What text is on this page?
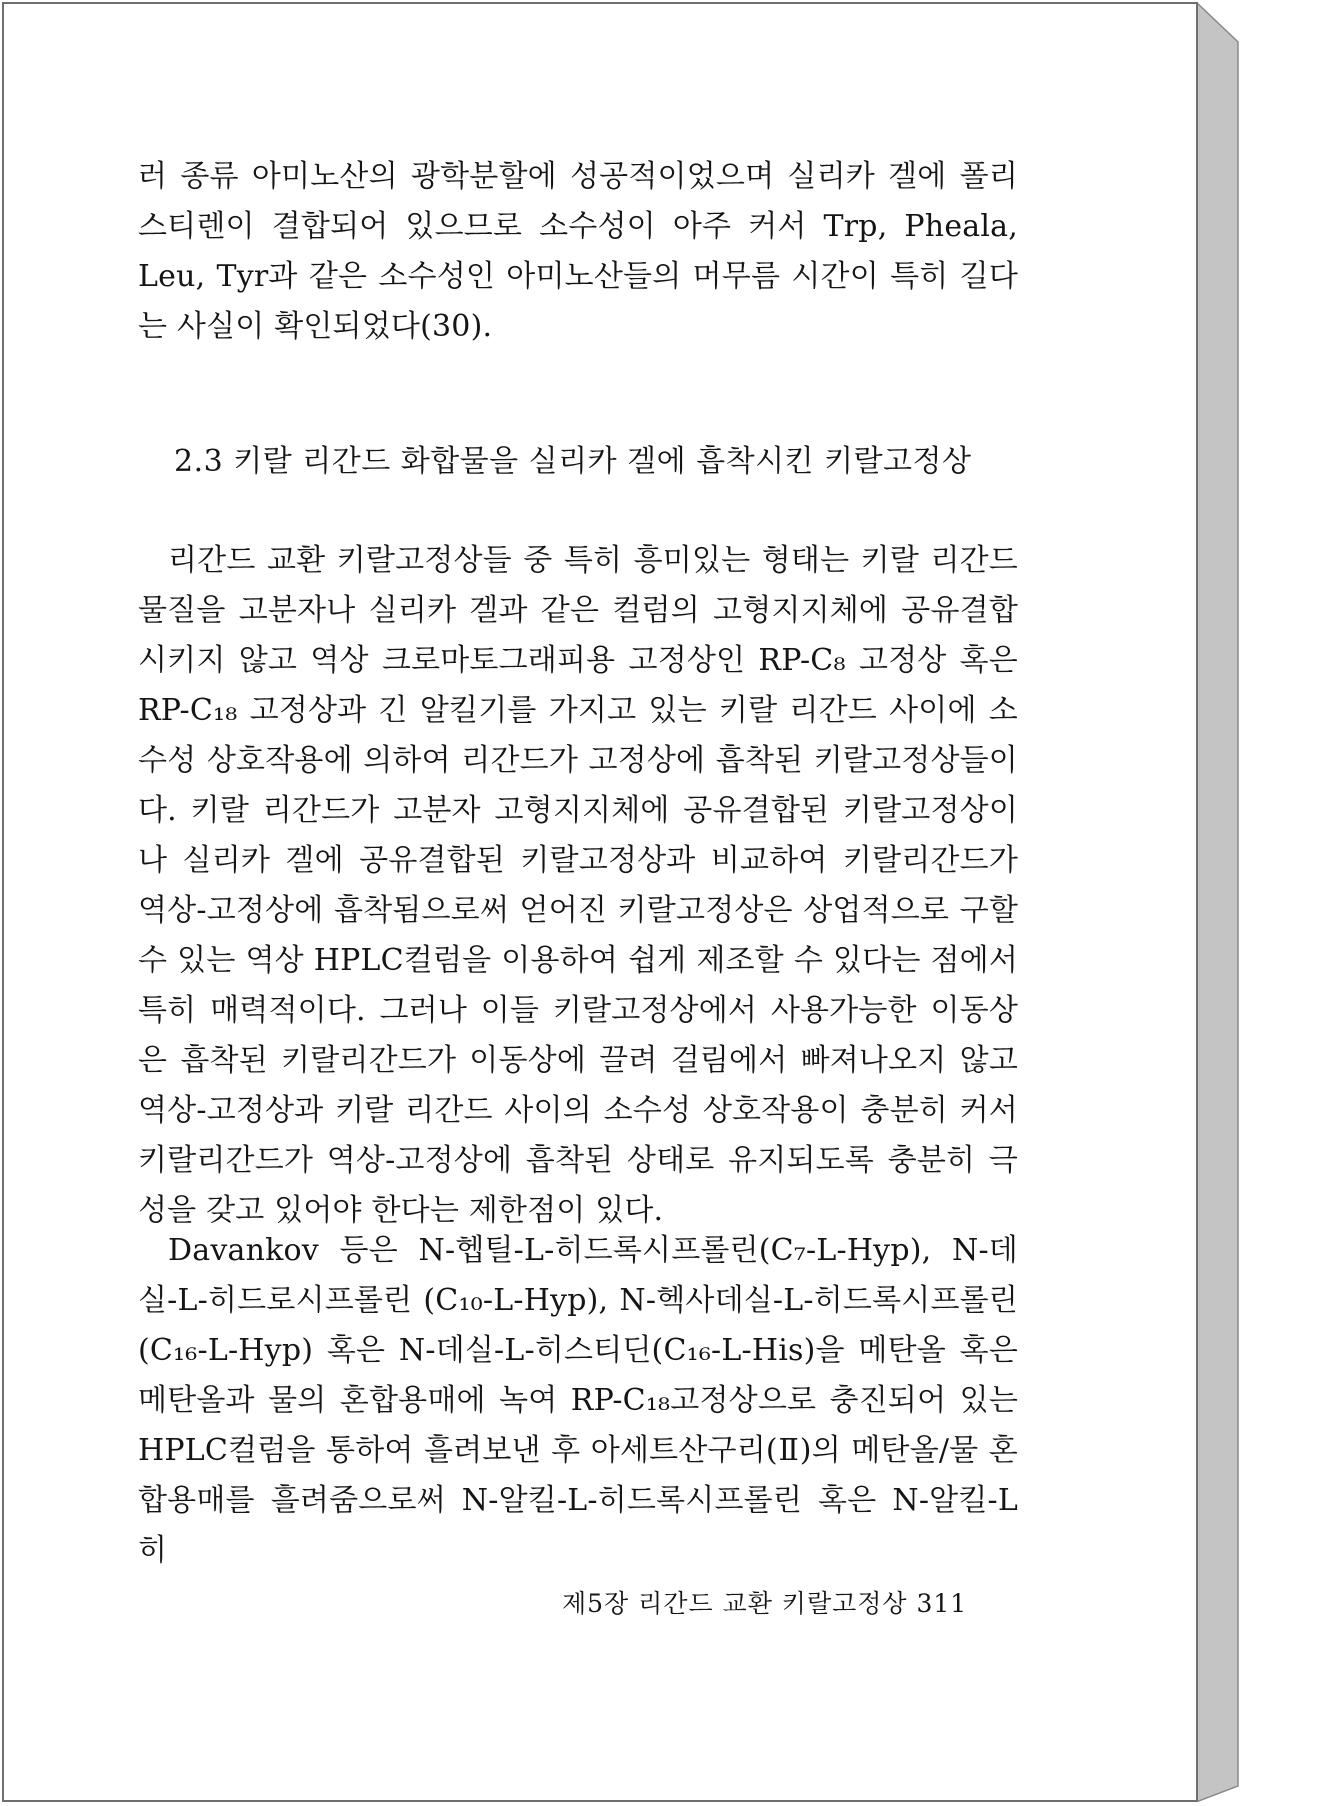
러 종류 아미노산의 광학분할에 성공적이었으며 실리카 겔에 폴리스티렌이 결합되어 있으므로 소수성이 아주 커서 Trp, Pheala, Leu, Tyr과 같은 소수성인 아미노산들의 머무름 시간이 특히 길다는 사실이 확인되었다(30).

2.3 키랄 리간드 화합물을 실리카 겔에 흡착시킨 키랄고정상

리간드 교환 키랄고정상들 중 특히 흥미있는 형태는 키랄 리간드물질을 고분자나 실리카 겔과 같은 컬럼의 고형지지체에 공유결합시키지 않고 역상 크로마토그래피용 고정상인 RP-C₈ 고정상 혹은 RP-C₁₈ 고정상과 긴 알킬기를 가지고 있는 키랄 리간드 사이에 소수성 상호작용에 의하여 리간드가 고정상에 흡착된 키랄고정상들이다. 키랄 리간드가 고분자 고형지지체에 공유결합된 키랄고정상이나 실리카 겔에 공유결합된 키랄고정상과 비교하여 키랄리간드가 역상-고정상에 흡착됨으로써 얻어진 키랄고정상은 상업적으로 구할 수 있는 역상 HPLC컬럼을 이용하여 쉽게 제조할 수 있다는 점에서 특히 매력적이다. 그러나 이들 키랄고정상에서 사용가능한 이동상은 흡착된 키랄리간드가 이동상에 끌려 걸림에서 빠져나오지 않고 역상-고정상과 키랄 리간드 사이의 소수성 상호작용이 충분히 커서 키랄리간드가 역상-고정상에 흡착된 상태로 유지되도록 충분히 극성을 갖고 있어야 한다는 제한점이 있다.

Davankov 등은 N-헵틸-L-히드록시프롤린(C₇-L-Hyp), N-데실-L-히드로시프롤린 (C₁₀-L-Hyp), N-헥사데실-L-히드록시프롤린(C₁₆-L-Hyp) 혹은 N-데실-L-히스티딘(C₁₆-L-His)을 메탄올 혹은 메탄올과 물의 혼합용매에 녹여 RP-C₁₈고정상으로 충진되어 있는 HPLC컬럼을 통하여 흘려보낸 후 아세트산구리(Ⅱ)의 메탄올/물 혼합용매를 흘려줌으로써 N-알킬-L-히드록시프롤린 혹은 N-알킬-L히

제5장 리간드 교환 키랄고정상 311
